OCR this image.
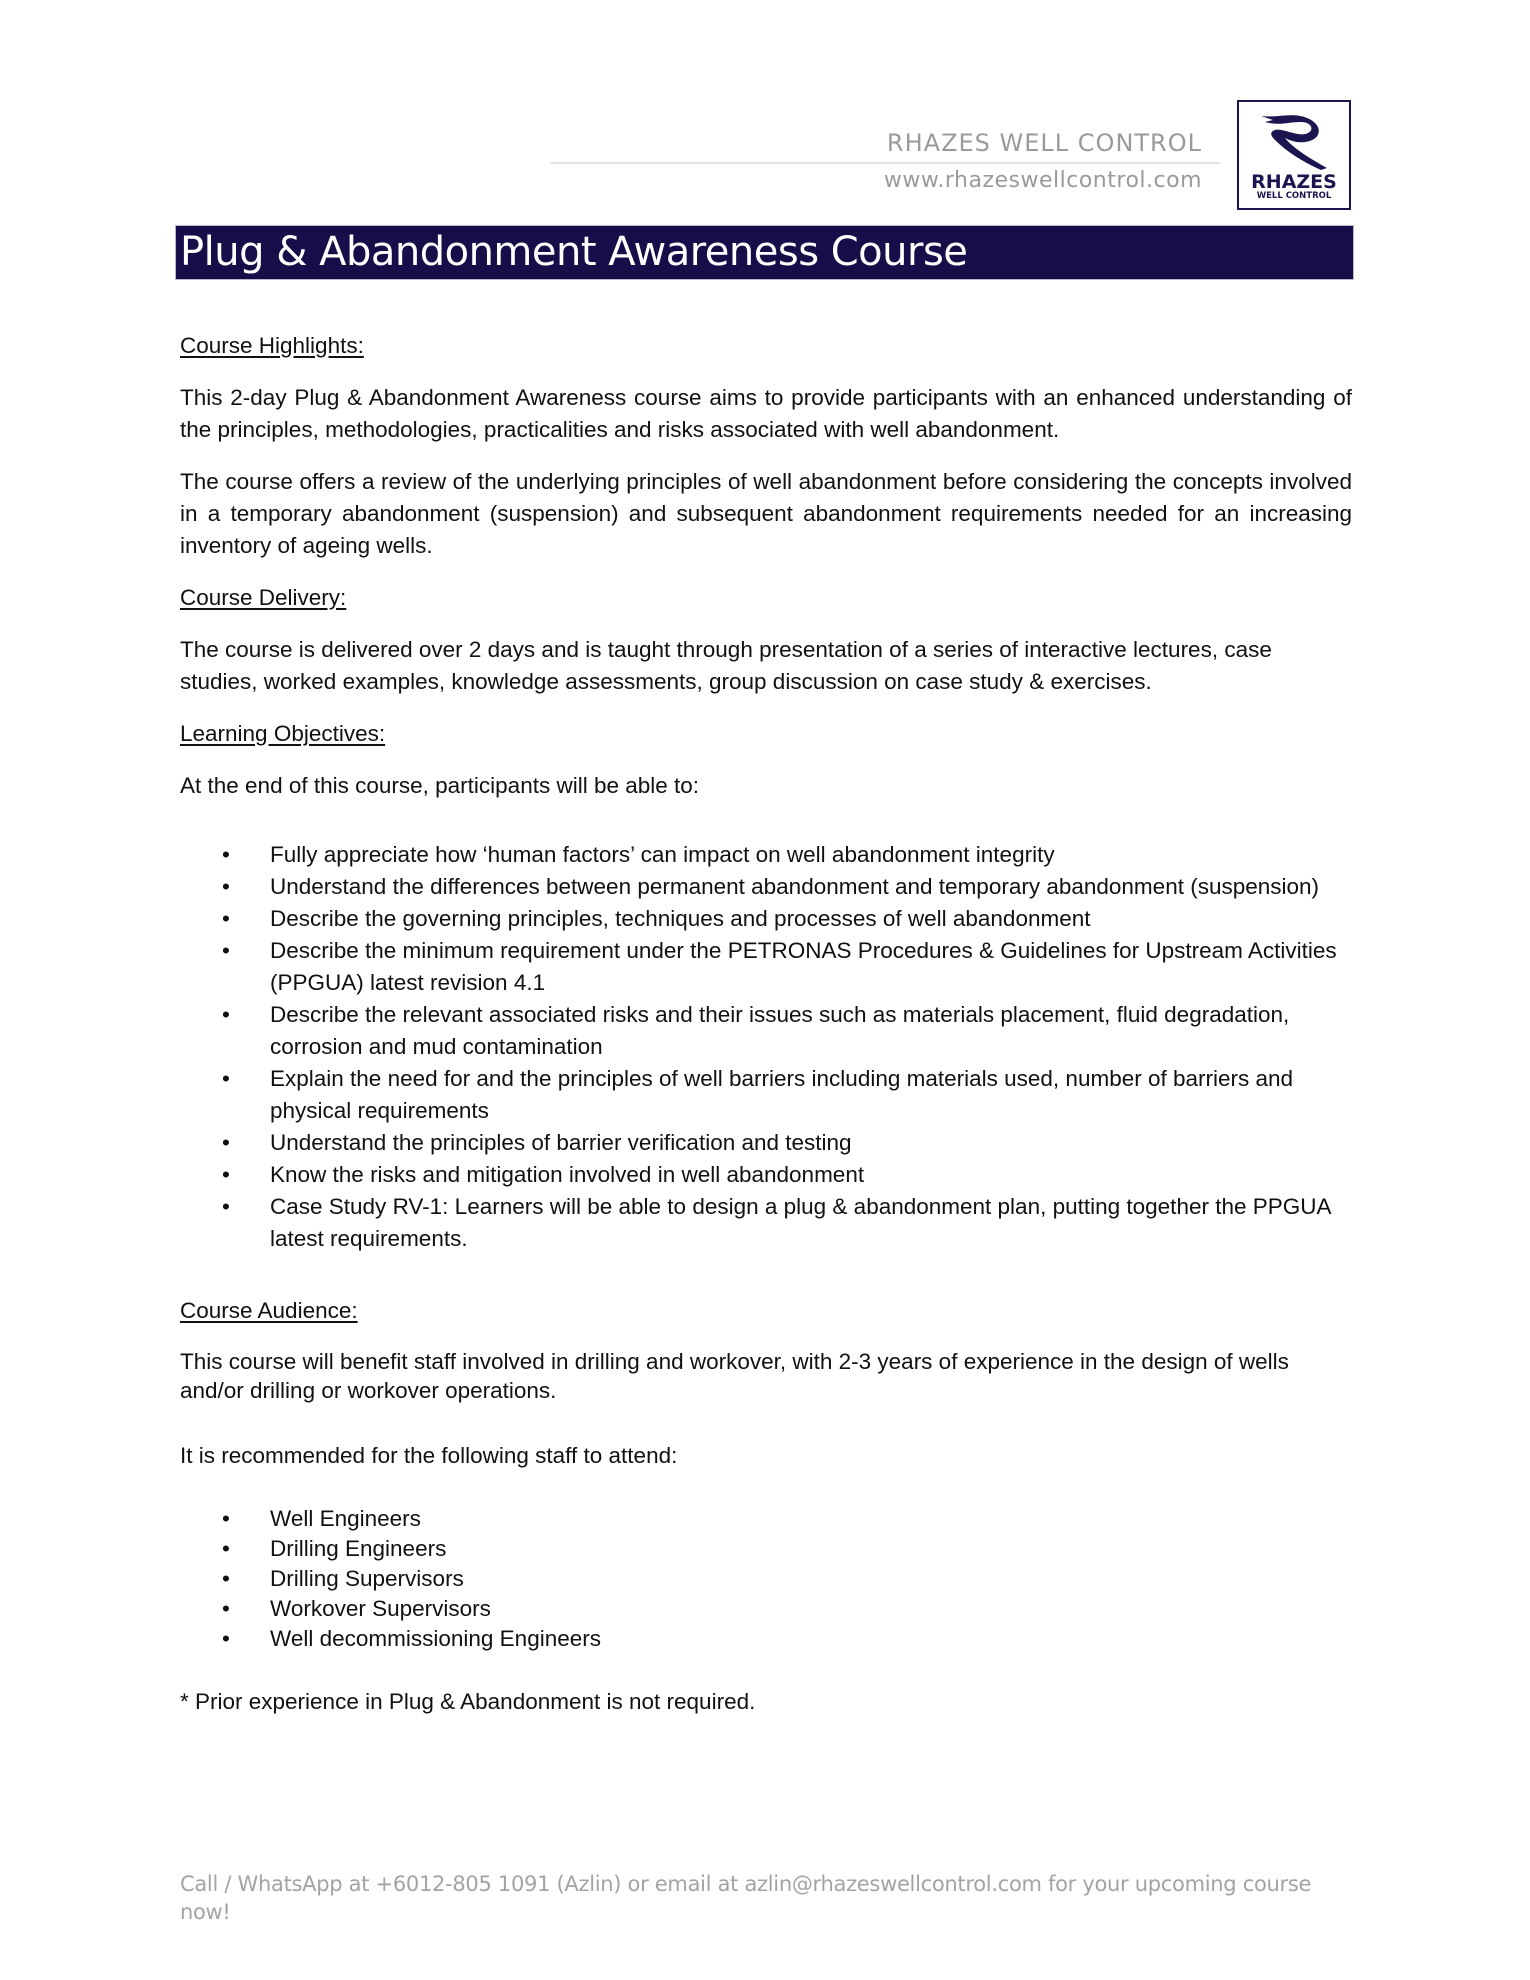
RHAZES WELL CONTROL
www.rhazeswellcontrol.com	RHAZES
WELL CONTROL
Plug & Abandonment Awareness Course

Course Highlights:

This 2-day Plug & Abandonment Awareness course aims to provide participants with an enhanced understanding of the principles, methodologies, practicalities and risks associated with well abandonment.

The course offers a review of the underlying principles of well abandonment before considering the concepts involved in a temporary abandonment (suspension) and subsequent abandonment requirements needed for an increasing inventory of ageing wells.

Course Delivery:

The course is delivered over 2 days and is taught through presentation of a series of interactive lectures, case studies, worked examples, knowledge assessments, group discussion on case study & exercises.

Learning Objectives:

At the end of this course, participants will be able to:

• Fully appreciate how ‘human factors’ can impact on well abandonment integrity
• Understand the differences between permanent abandonment and temporary abandonment (suspension)
• Describe the governing principles, techniques and processes of well abandonment
• Describe the minimum requirement under the PETRONAS Procedures & Guidelines for Upstream Activities (PPGUA) latest revision 4.1
• Describe the relevant associated risks and their issues such as materials placement, fluid degradation, corrosion and mud contamination
• Explain the need for and the principles of well barriers including materials used, number of barriers and physical requirements
• Understand the principles of barrier verification and testing
• Know the risks and mitigation involved in well abandonment
• Case Study RV-1: Learners will be able to design a plug & abandonment plan, putting together the PPGUA latest requirements.

Course Audience:

This course will benefit staff involved in drilling and workover, with 2-3 years of experience in the design of wells and/or drilling or workover operations.

It is recommended for the following staff to attend:

• Well Engineers
• Drilling Engineers
• Drilling Supervisors
• Workover Supervisors
• Well decommissioning Engineers

* Prior experience in Plug & Abandonment is not required.

Call / WhatsApp at +6012-805 1091 (Azlin) or email at azlin@rhazeswellcontrol.com for your upcoming course now!
